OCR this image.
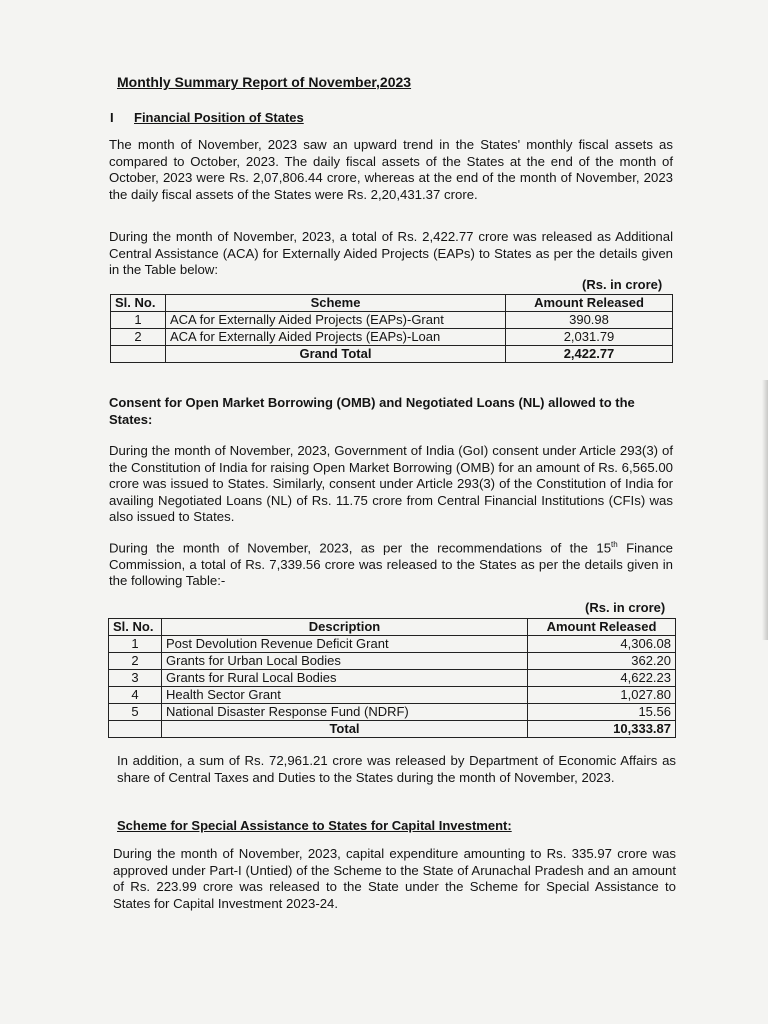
Monthly Summary Report of November,2023
I Financial Position of States

The month of November, 2023 saw an upward trend in the States' monthly fiscal assets as compared to October, 2023. The daily fiscal assets of the States at the end of the month of October, 2023 were Rs. 2,07,806.44 crore, whereas at the end of the month of November, 2023 the daily fiscal assets of the States were Rs. 2,20,431.37 crore.

During the month of November, 2023, a total of Rs. 2,422.77 crore was released as Additional Central Assistance (ACA) for Externally Aided Projects (EAPs) to States as per the details given in the Table below:

(Rs. in crore)
Sl. No.	Scheme	Amount Released
1	ACA for Externally Aided Projects (EAPs)-Grant	390.98
2	ACA for Externally Aided Projects (EAPs)-Loan	2,031.79
	Grand Total	2,422.77
Consent for Open Market Borrowing (OMB) and Negotiated Loans (NL) allowed to the States:

During the month of November, 2023, Government of India (GoI) consent under Article 293(3) of the Constitution of India for raising Open Market Borrowing (OMB) for an amount of Rs. 6,565.00 crore was issued to States. Similarly, consent under Article 293(3) of the Constitution of India for availing Negotiated Loans (NL) of Rs. 11.75 crore from Central Financial Institutions (CFIs) was also issued to States.

During the month of November, 2023, as per the recommendations of the 15th Finance Commission, a total of Rs. 7,339.56 crore was released to the States as per the details given in the following Table:-

(Rs. in crore)
Sl. No.	Description	Amount Released
1	Post Devolution Revenue Deficit Grant	4,306.08
2	Grants for Urban Local Bodies	362.20
3	Grants for Rural Local Bodies	4,622.23
4	Health Sector Grant	1,027.80
5	National Disaster Response Fund (NDRF)	15.56
	Total	10,333.87

In addition, a sum of Rs. 72,961.21 crore was released by Department of Economic Affairs as share of Central Taxes and Duties to the States during the month of November, 2023.

Scheme for Special Assistance to States for Capital Investment:

During the month of November, 2023, capital expenditure amounting to Rs. 335.97 crore was approved under Part-I (Untied) of the Scheme to the State of Arunachal Pradesh and an amount of Rs. 223.99 crore was released to the State under the Scheme for Special Assistance to States for Capital Investment 2023-24.
